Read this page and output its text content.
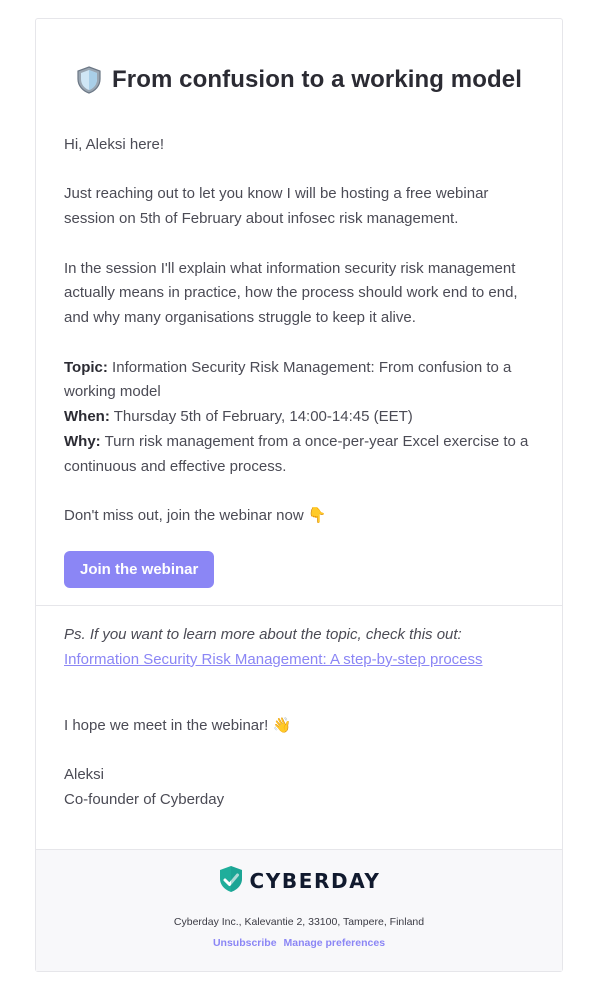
From confusion to a working model

Hi, Aleksi here!

Just reaching out to let you know I will be hosting a free webinar session on 5th of February about infosec risk management.

In the session I'll explain what information security risk management actually means in practice, how the process should work end to end, and why many organisations struggle to keep it alive.

Topic: Information Security Risk Management: From confusion to a working model

When: Thursday 5th of February, 14:00-14:45 (EET)

Why: Turn risk management from a once-per-year Excel exercise to a continuous and effective process.

Don't miss out, join the webinar now 👇

Join the webinar

Ps. If you want to learn more about the topic, check this out: Information Security Risk Management: A step-by-step process

I hope we meet in the webinar! 👋

Aleksi

Co-founder of Cyberday

CYBERDAY
Cyberday Inc., Kalevantie 2, 33100, Tampere, Finland
Unsubscribe Manage preferences
